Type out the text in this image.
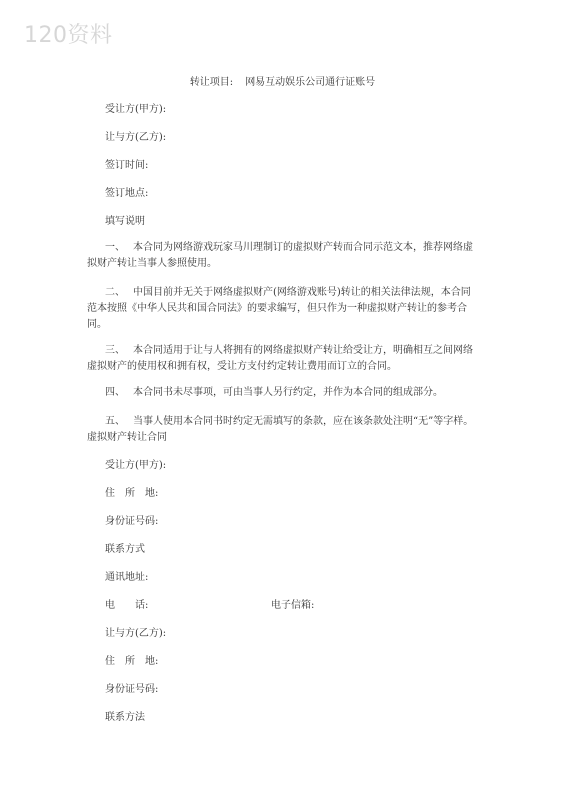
120资料
转让项目: 网易互动娱乐公司通行证账号
受让方(甲方):
让与方(乙方):
签订时间:
签订地点:
填写说明
一、 本合同为网络游戏玩家马川理制订的虚拟财产转而合同示范文本，推荐网络虚拟财产转让当事人参照使用。
二、 中国目前并无关于网络虚拟财产(网络游戏账号)转让的相关法律法规，本合同范本按照《中华人民共和国合同法》的要求编写，但只作为一种虚拟财产转让的参考合同。
三、 本合同适用于让与人将拥有的网络虚拟财产转让给受让方，明确相互之间网络虚拟财产的使用权和拥有权，受让方支付约定转让费用而订立的合同。
四、 本合同书未尽事项，可由当事人另行约定，并作为本合同的组成部分。
五、 当事人使用本合同书时约定无需填写的条款，应在该条款处注明“无”等字样。虚拟财产转让合同
受让方(甲方):
住　所　地:
身份证号码:
联系方式
通讯地址:
电　　话:	电子信箱:
让与方(乙方):
住　所　地:
身份证号码:
联系方法
